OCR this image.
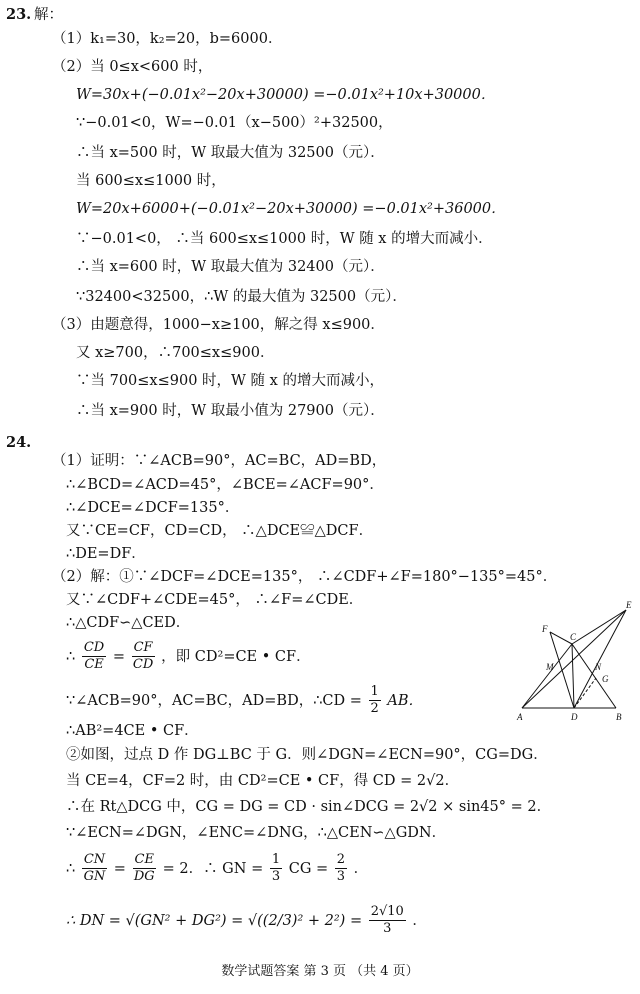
23. 解：
（1）k₁=30，k₂=20，b=6000．
（2）当 0≤x<600 时，
W=30x+(−0.01x²−20x+30000) =−0.01x²+10x+30000．
∵−0.01<0，W=−0.01（x−500）²+32500，
∴当 x=500 时，W 取最大值为 32500（元）．
当 600≤x≤1000 时，
W=20x+6000+(−0.01x²−20x+30000) =−0.01x²+36000．
∵−0.01<0， ∴当 600≤x≤1000 时，W 随 x 的增大而减小．
∴当 x=600 时，W 取最大值为 32400（元）．
∵32400<32500，∴W 的最大值为 32500（元）．
（3）由题意得，1000−x≥100，解之得 x≤900．
又 x≥700，∴700≤x≤900．
∵当 700≤x≤900 时，W 随 x 的增大而减小，
∴当 x=900 时，W 取最小值为 27900（元）．
24.
（1）证明：∵∠ACB=90°，AC=BC，AD=BD，
∴∠BCD=∠ACD=45°，∠BCE=∠ACF=90°．
∴∠DCE=∠DCF=135°．
又∵CE=CF，CD=CD， ∴△DCE≌△DCF．
∴DE=DF．
（2）解：①∵∠DCF=∠DCE=135°， ∴∠CDF+∠F=180°−135°=45°．
又∵∠CDF+∠CDE=45°， ∴∠F=∠CDE．
∴△CDF∽△CED．
∴ $\frac{CD}{CE} = \frac{CF}{CD}$ ，即 CD²=CE • CF．
∵∠ACB=90°，AC=BC，AD=BD，∴CD = $\frac{1}{2}$ AB．
∴AB²=4CE • CF．
②如图，过点 D 作 DG⊥BC 于 G．则∠DGN=∠ECN=90°，CG=DG．
当 CE=4，CF=2 时，由 CD²=CE • CF，得 CD = 2√2．
∴在 Rt△DCG 中，CG = DG = CD · sin∠DCG = 2√2 × sin45° = 2．
∵∠ECN=∠DGN，∠ENC=∠DNG，∴△CEN∽△GDN．
∴ $\frac{CN}{GN} = \frac{CE}{DG} = 2$．∴ GN = $\frac{1}{3}$ CG = $\frac{2}{3}$ ．
∴ DN = $√(GN^2 + DG^2) = √((2/3)^2 + 2^2) = \frac{2√10}{3}$ ．
A	B
C
D
E
F
M	N
G
数学试题答案 第 3 页 （共 4 页）
